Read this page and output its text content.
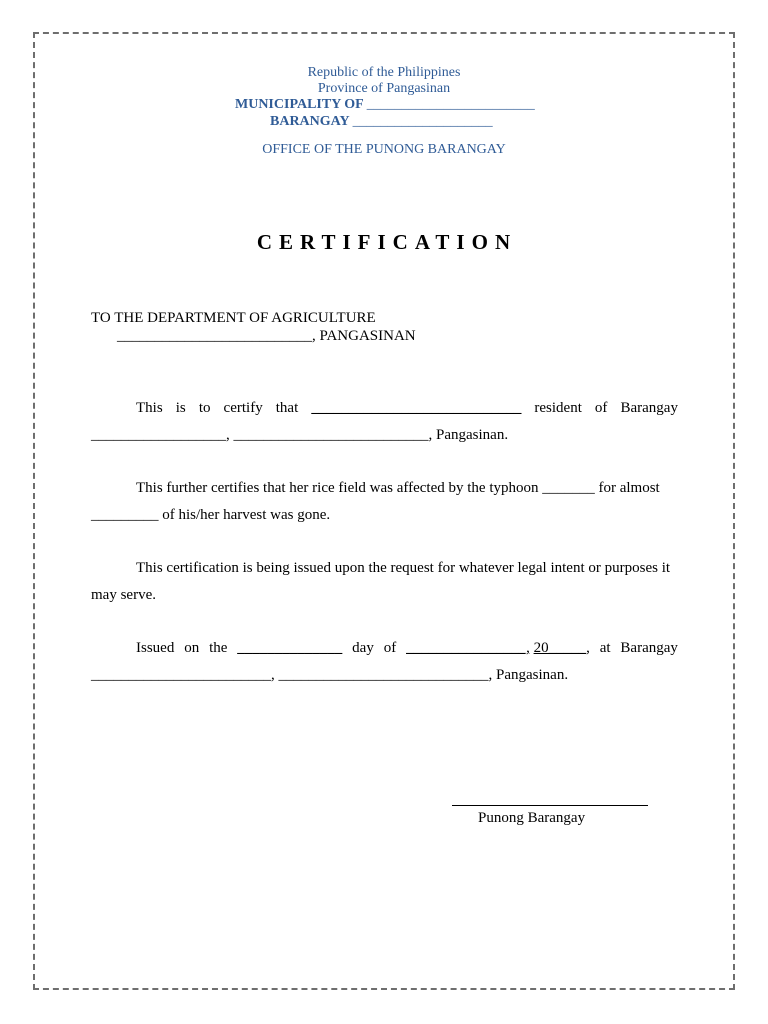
Republic of the Philippines
Province of Pangasinan
MUNICIPALITY OF ________________________
BARANGAY ____________________
OFFICE OF THE PUNONG BARANGAY
CERTIFICATION
TO THE DEPARTMENT OF AGRICULTURE
__________________________, PANGASINAN
This is to certify that ____________________________ resident of Barangay
__________________, __________________________, Pangasinan.
This further certifies that her rice field was affected by the typhoon _______ for almost
_________ of his/her harvest was gone.
This certification is being issued upon the request for whatever legal intent or purposes it
may serve.
Issued on the ______________ day of ________________, 20_____, at Barangay
________________________, ____________________________, Pangasinan.
Punong Barangay
